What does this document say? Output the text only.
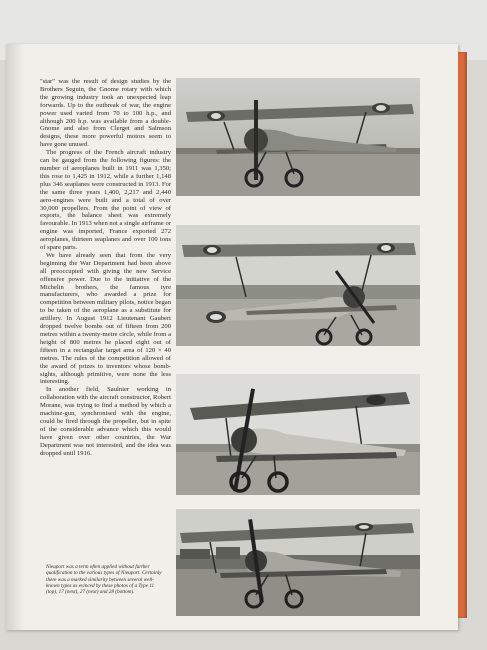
"star" was the result of design studies by the Brothers Seguin, the Gnome rotary with which the growing industry took an unexpected leap forwards. Up to the outbreak of war, the engine power used varied from 70 to 100 h.p., and although 200 h.p. was available from a double-Gnome and also from Clerget and Salmson designs, these more powerful motors seem to have gone unused.

The progress of the French aircraft industry can be gauged from the following figures: the number of aeroplanes built in 1911 was 1,350; this rose to 1,425 in 1912, while a further 1,148 plus 346 seaplanes were constructed in 1913. For the same three years 1,400, 2,217 and 2,440 aero-engines were built and a total of over 30,000 propellers. From the point of view of exports, the balance sheet was extremely favourable. In 1913 when not a single airframe or engine was imported, France exported 272 aeroplanes, thirteen seaplanes and over 100 tons of spare parts.

We have already seen that from the very beginning the War Department had been above all preoccupied with giving the new Service offensive power. Due to the initiative of the Michelin brothers, the famous tyre manufacturers, who awarded a prize for competition between military pilots, notice began to be taken of the aeroplane as a substitute for artillery. In August 1912 Lieutenant Gaubert dropped twelve bombs out of fifteen from 200 metres within a twenty-metre circle, while from a height of 800 metres he placed eight out of fifteen in a rectangular target area of 120 × 40 metres. The rules of the competition allowed of the award of prizes to inventors whose bomb-sights, although primitive, were none the less interesting.

In another field, Saulnier working in collaboration with the aircraft constructor, Robert Morane, was trying to find a method by which a machine-gun, synchronised with the engine, could be fired through the propeller, but in spite of the considerable advance which this would have given over other countries, the War Department was not interested, and the idea was dropped until 1916.

Nieuport was a term often applied without further qualification to the various types of Nieuport. Certainly there was a marked similarity between several well-known types as evinced by these photos of a Type 11 (top), 17 (next), 27 (next) and 28 (bottom).
